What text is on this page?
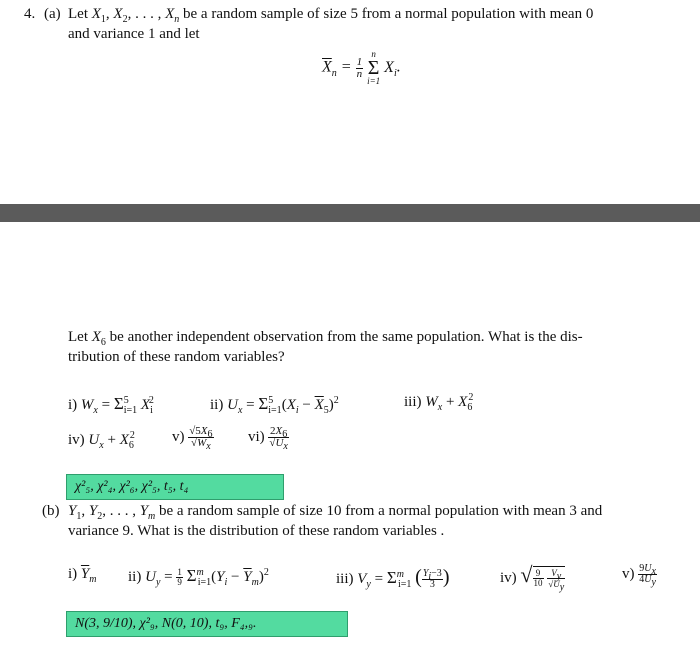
4. (a) Let $X_1$, $X_2$, . . . , $X_n$ be a random sample of size 5 from a normal population with mean 0
and variance 1 and let
$\overline{X}_n = \frac{1}{n}$

n
Σ
i=1
$X_i$.
Let $X_6$ be another independent observation from the same population. What is the dis-
tribution of these random variables?
i) $W_x = \Sigma^5_{i=1}$ $X_i^2$	ii) $U_x = \Sigma^5_{i=1}(X_i - \overline{X}_5)^2$	iii) $W_x + X_6^2$
iv) $U_x + X_6^2$ $v) \frac{√5X_6}{√W_x} vi) \frac{2X_6}{√U_x}$
χ²₅, χ²₄, χ²₆, χ²₅, t₅, t₄
(b) $Y_1$, $Y_2$, . . . , $Y_m$ be a random sample of size 10 from a normal population with mean 3 and
variance 9. What is the distribution of these random variables .
i) $\overline{Y}_m$ ii) $U_y = \frac{1}{9} \Sigma^m_{i=1}(Y_i - \overline{Y}_m)^2$	iii) $V_y = \Sigma^m_{i=1}$ ( $\frac{Y_i-3}{3}$ )	iv) √ $\frac{9}{10}$
$\frac{V_y}{√U_y}$	$v) \frac{9U_x}{4U_y}$
N(3, 9/10), χ²₉, N(0, 10), t₉, F₄,₉.
